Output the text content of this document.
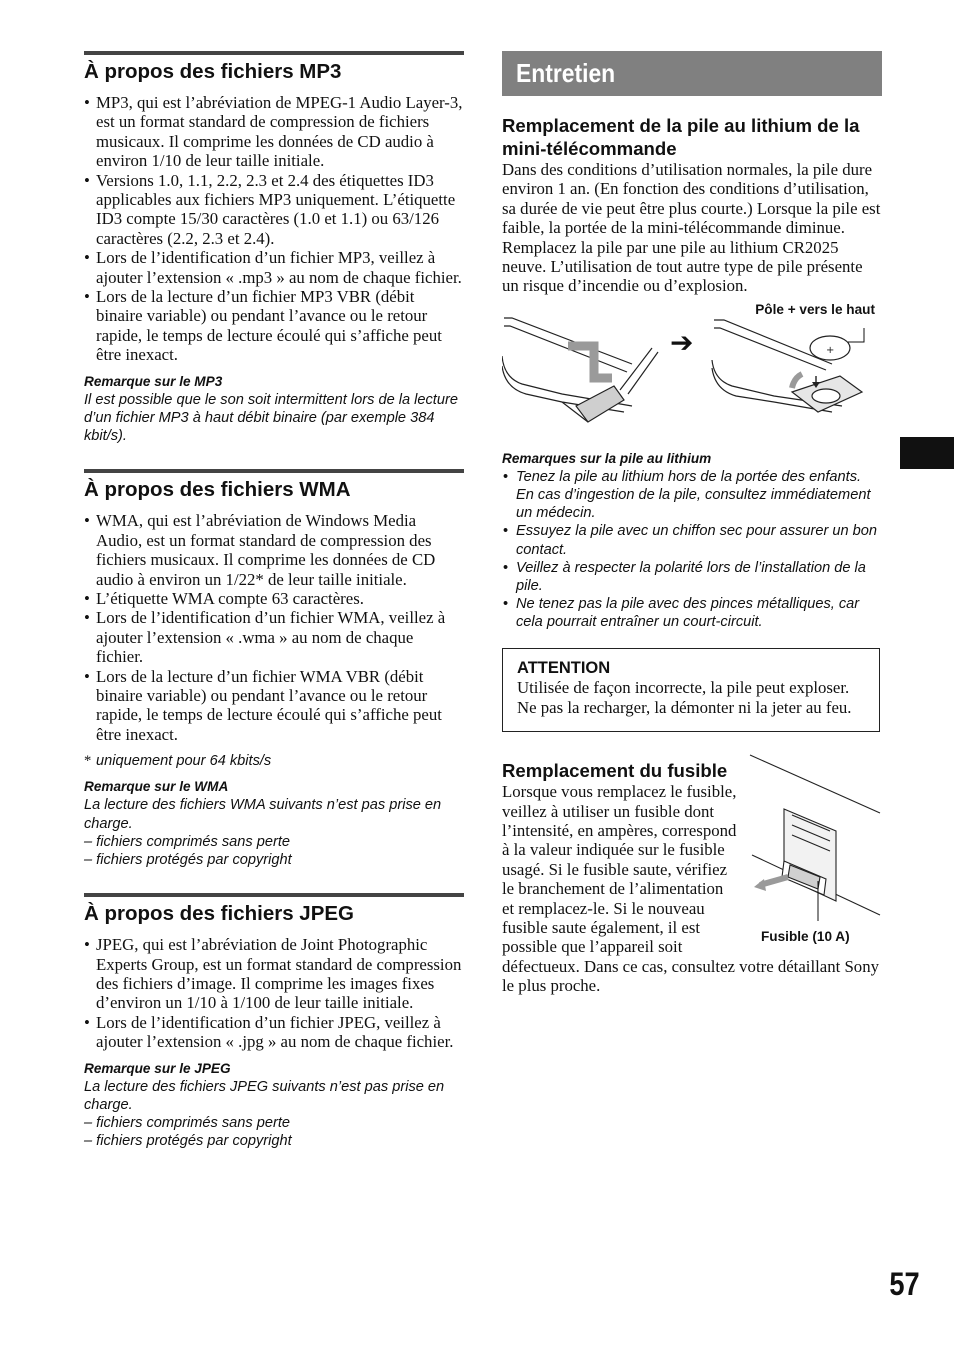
À propos des fichiers MP3
• MP3, qui est l’abréviation de MPEG-1 Audio Layer-3, est un format standard de compression de fichiers musicaux. Il comprime les données de CD audio à environ 1/10 de leur taille initiale.
• Versions 1.0, 1.1, 2.2, 2.3 et 2.4 des étiquettes ID3 applicables aux fichiers MP3 uniquement. L’étiquette ID3 compte 15/30 caractères (1.0 et 1.1) ou 63/126 caractères (2.2, 2.3 et 2.4).
• Lors de l’identification d’un fichier MP3, veillez à ajouter l’extension « .mp3 » au nom de chaque fichier.
• Lors de la lecture d’un fichier MP3 VBR (débit binaire variable) ou pendant l’avance ou le retour rapide, le temps de lecture écoulé qui s’affiche peut être inexact.
Remarque sur le MP3
Il est possible que le son soit intermittent lors de la lecture d’un fichier MP3 à haut débit binaire (par exemple 384 kbit/s).
À propos des fichiers WMA
• WMA, qui est l’abréviation de Windows Media Audio, est un format standard de compression des fichiers musicaux. Il comprime les données de CD audio à environ un 1/22* de leur taille initiale.
• L’étiquette WMA compte 63 caractères.
• Lors de l’identification d’un fichier WMA, veillez à ajouter l’extension « .wma » au nom de chaque fichier.
• Lors de la lecture d’un fichier WMA VBR (débit binaire variable) ou pendant l’avance ou le retour rapide, le temps de lecture écoulé qui s’affiche peut être inexact.
* uniquement pour 64 kbits/s
Remarque sur le WMA
La lecture des fichiers WMA suivants n’est pas prise en charge.
– fichiers comprimés sans perte
– fichiers protégés par copyright
À propos des fichiers JPEG
• JPEG, qui est l’abréviation de Joint Photographic Experts Group, est un format standard de compression des fichiers d’image. Il comprime les images fixes d’environ un 1/10 à 1/100 de leur taille initiale.
• Lors de l’identification d’un fichier JPEG, veillez à ajouter l’extension « .jpg » au nom de chaque fichier.
Remarque sur le JPEG
La lecture des fichiers JPEG suivants n’est pas prise en charge.
– fichiers comprimés sans perte
– fichiers protégés par copyright
Entretien
Remplacement de la pile au lithium de la mini-télécommande
Dans des conditions d’utilisation normales, la pile dure environ 1 an. (En fonction des conditions d’utilisation, sa durée de vie peut être plus courte.) Lorsque la pile est faible, la portée de la mini-télécommande diminue. Remplacez la pile par une pile au lithium CR2025 neuve. L’utilisation de tout autre type de pile présente un risque d’incendie ou d’explosion.
➔	+
Pôle + vers le haut
Remarques sur la pile au lithium
• Tenez la pile au lithium hors de la portée des enfants. En cas d’ingestion de la pile, consultez immédiatement un médecin.
• Essuyez la pile avec un chiffon sec pour assurer un bon contact.
• Veillez à respecter la polarité lors de l’installation de la pile.
• Ne tenez pas la pile avec des pinces métalliques, car cela pourrait entraîner un court-circuit.
ATTENTION
Utilisée de façon incorrecte, la pile peut exploser. Ne pas la recharger, la démonter ni la jeter au feu.
Remplacement du fusible
Lorsque vous remplacez le fusible, veillez à utiliser un fusible dont l’intensité, en ampères, correspond à la valeur indiquée sur le fusible usagé. Si le fusible saute, vérifiez le branchement de l’alimentation et remplacez-le. Si le nouveau fusible saute également, il est possible que l’appareil soit
défectueux. Dans ce cas, consultez votre détaillant Sony le plus proche.
Fusible (10 A)
57
